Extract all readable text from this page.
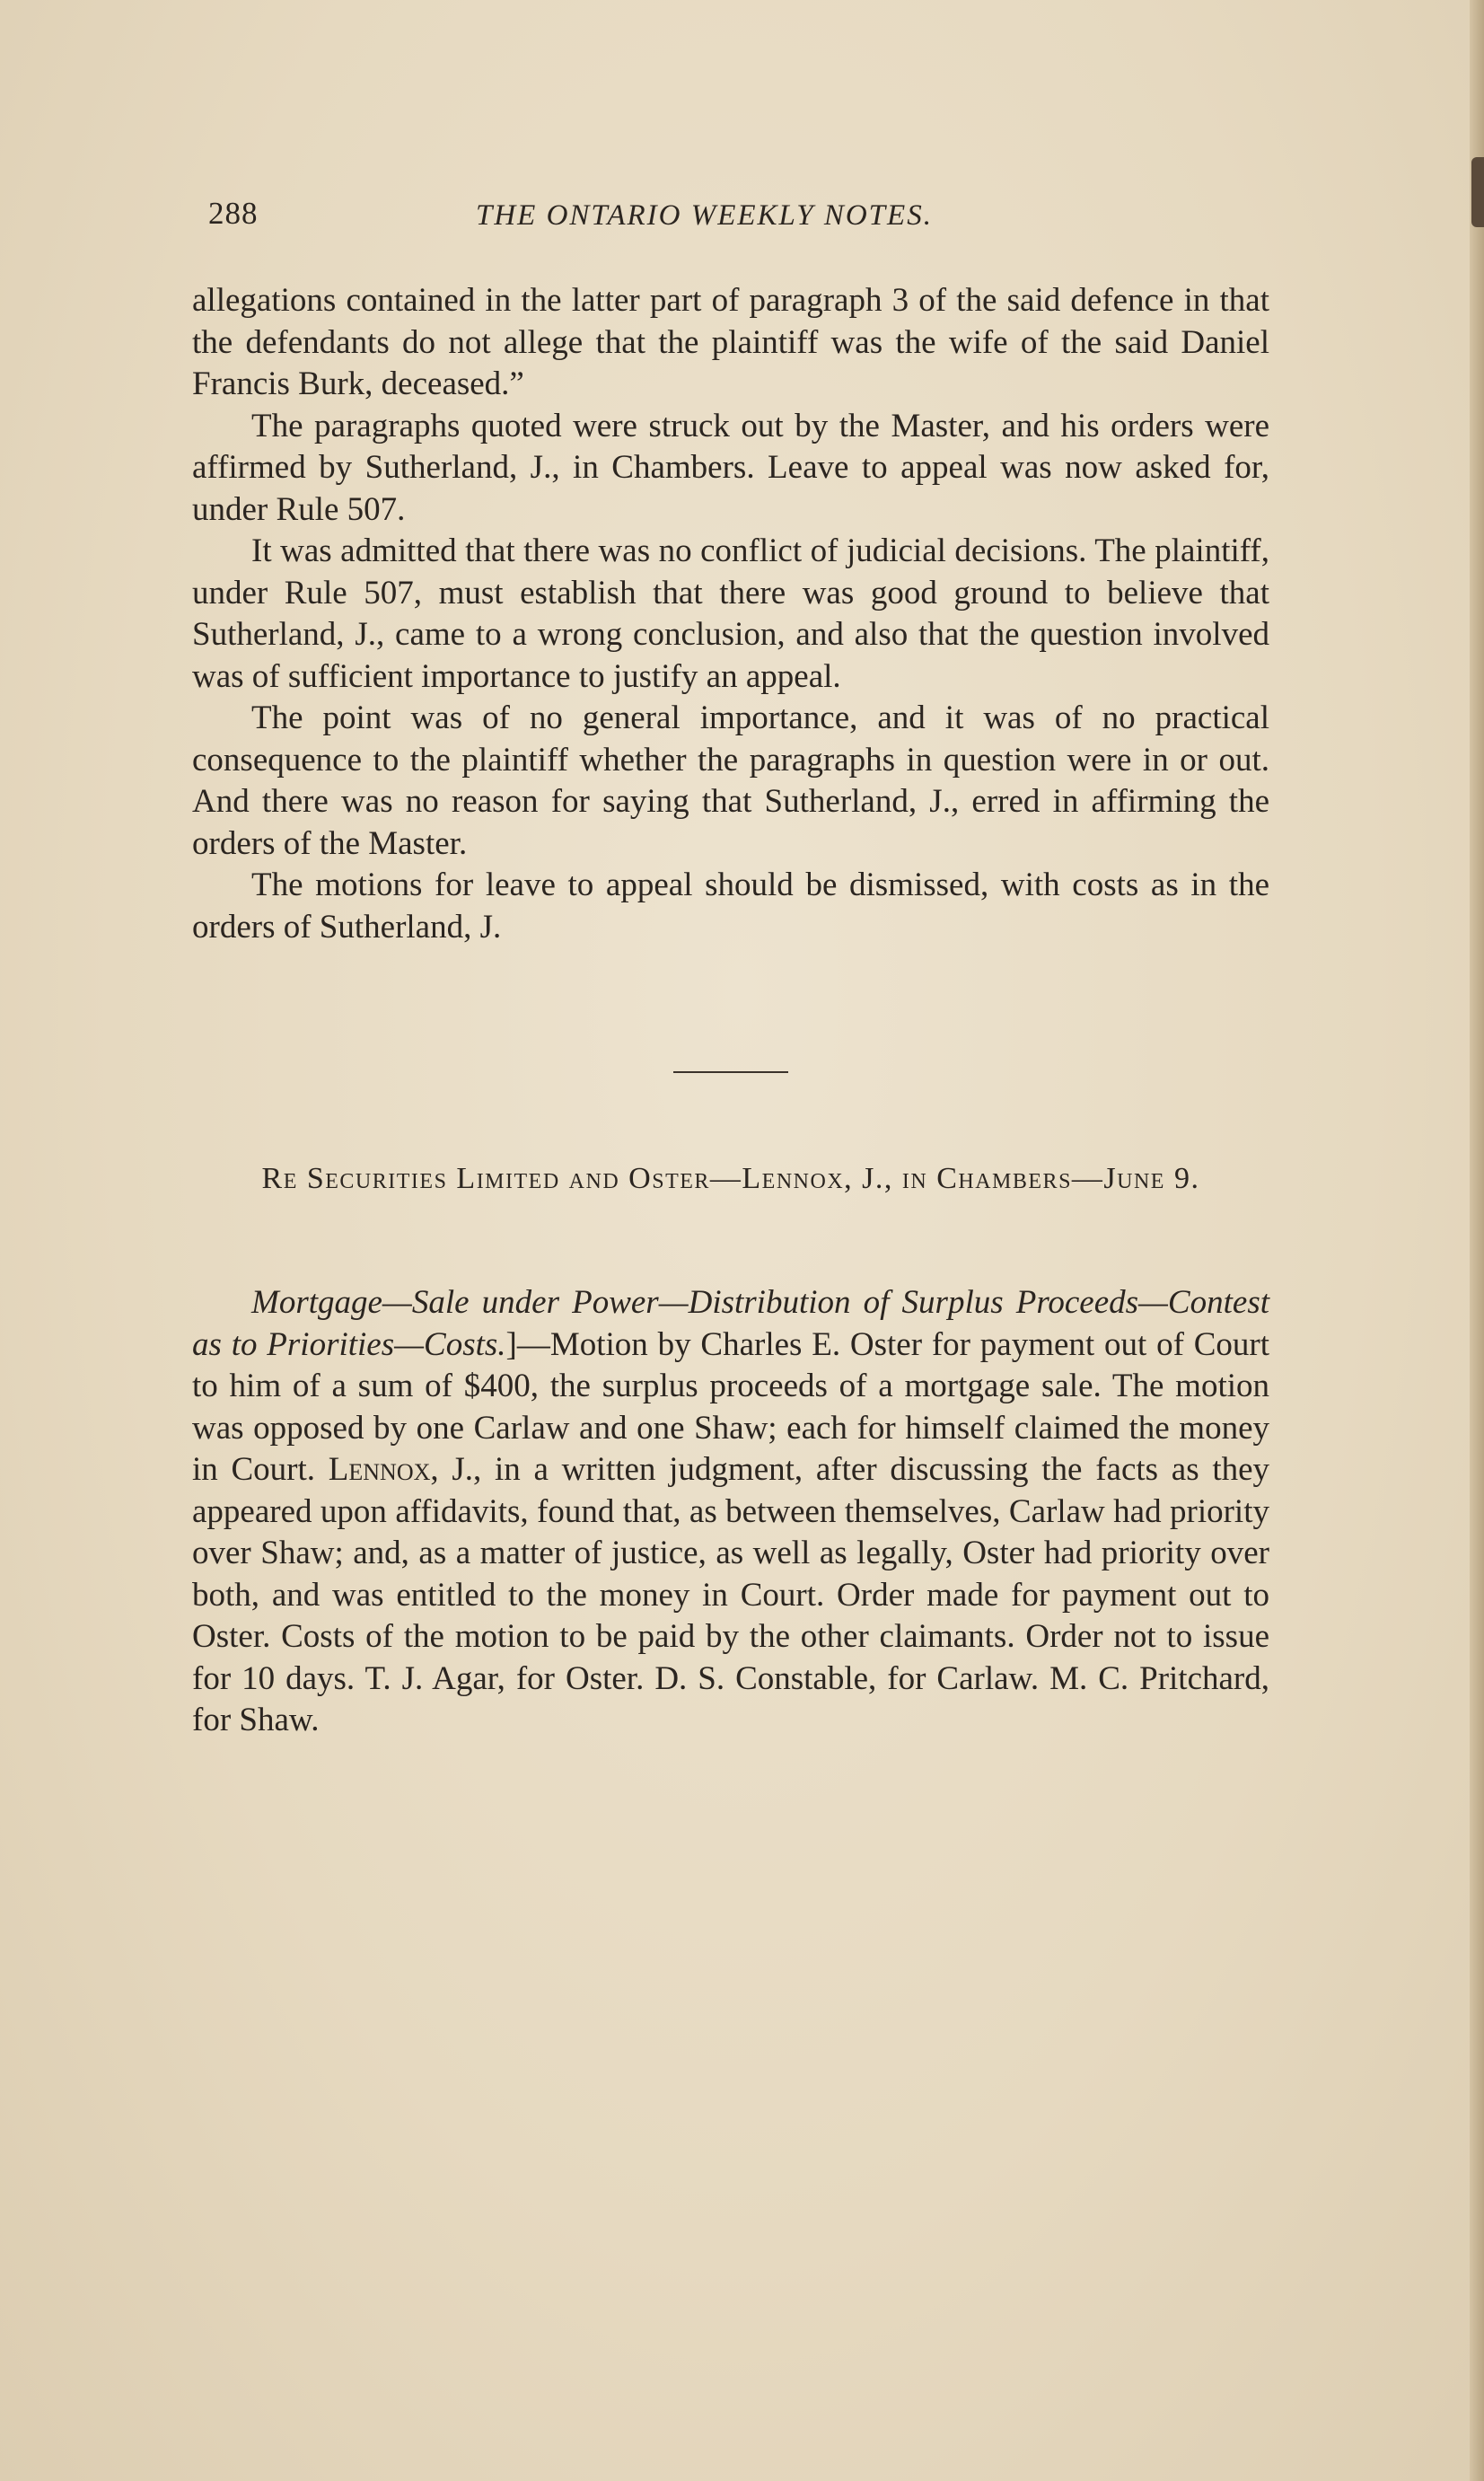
288	THE ONTARIO WEEKLY NOTES.

allegations contained in the latter part of paragraph 3 of the said defence in that the defendants do not allege that the plaintiff was the wife of the said Daniel Francis Burk, deceased.”

The paragraphs quoted were struck out by the Master, and his orders were affirmed by Sutherland, J., in Chambers. Leave to appeal was now asked for, under Rule 507.

It was admitted that there was no conflict of judicial decisions. The plaintiff, under Rule 507, must establish that there was good ground to believe that Sutherland, J., came to a wrong conclusion, and also that the question involved was of sufficient importance to justify an appeal.

The point was of no general importance, and it was of no practical consequence to the plaintiff whether the paragraphs in question were in or out. And there was no reason for saying that Sutherland, J., erred in affirming the orders of the Master.

The motions for leave to appeal should be dismissed, with costs as in the orders of Sutherland, J.

Re Securities Limited and Oster—Lennox, J., in Chambers—June 9.

Mortgage—Sale under Power—Distribution of Surplus Proceeds—Contest as to Priorities—Costs.]—Motion by Charles E. Oster for payment out of Court to him of a sum of $400, the surplus proceeds of a mortgage sale. The motion was opposed by one Carlaw and one Shaw; each for himself claimed the money in Court. Lennox, J., in a written judgment, after discussing the facts as they appeared upon affidavits, found that, as between themselves, Carlaw had priority over Shaw; and, as a matter of justice, as well as legally, Oster had priority over both, and was entitled to the money in Court. Order made for payment out to Oster. Costs of the motion to be paid by the other claimants. Order not to issue for 10 days. T. J. Agar, for Oster. D. S. Constable, for Carlaw. M. C. Pritchard, for Shaw.
